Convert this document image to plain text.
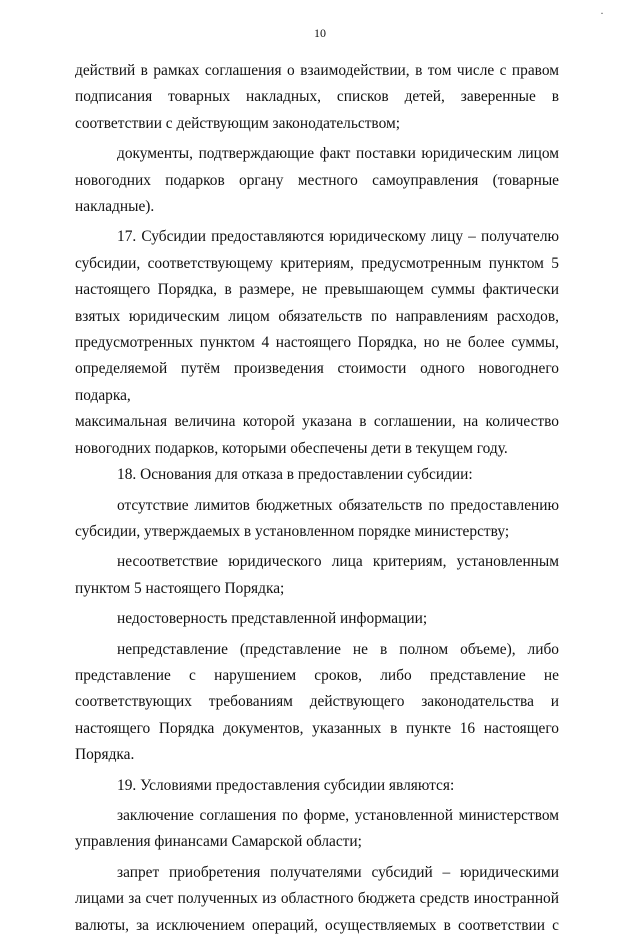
·
10
действий в рамках соглашения о взаимодействии, в том числе с правом
подписания товарных накладных, списков детей, заверенные в
соответствии с действующим законодательством;
документы, подтверждающие факт поставки юридическим лицом
новогодних подарков органу местного самоуправления (товарные
накладные).
17. Субсидии предоставляются юридическому лицу – получателю
субсидии, соответствующему критериям, предусмотренным пунктом 5
настоящего Порядка, в размере, не превышающем суммы фактически
взятых юридическим лицом обязательств по направлениям расходов,
предусмотренных пунктом 4 настоящего Порядка, но не более суммы,
определяемой путём произведения стоимости одного новогоднего подарка,
максимальная величина которой указана в соглашении, на количество
новогодних подарков, которыми обеспечены дети в текущем году.
18. Основания для отказа в предоставлении субсидии:
отсутствие лимитов бюджетных обязательств по предоставлению
субсидии, утверждаемых в установленном порядке министерству;
несоответствие юридического лица критериям, установленным
пунктом 5 настоящего Порядка;
недостоверность представленной информации;
непредставление (представление не в полном объеме), либо
представление с нарушением сроков, либо представление не
соответствующих требованиям действующего законодательства и
настоящего Порядка документов, указанных в пункте 16 настоящего
Порядка.
19. Условиями предоставления субсидии являются:
заключение соглашения по форме, установленной министерством
управления финансами Самарской области;
запрет приобретения получателями субсидий – юридическими
лицами за счет полученных из областного бюджета средств иностранной
валюты, за исключением операций, осуществляемых в соответствии с
